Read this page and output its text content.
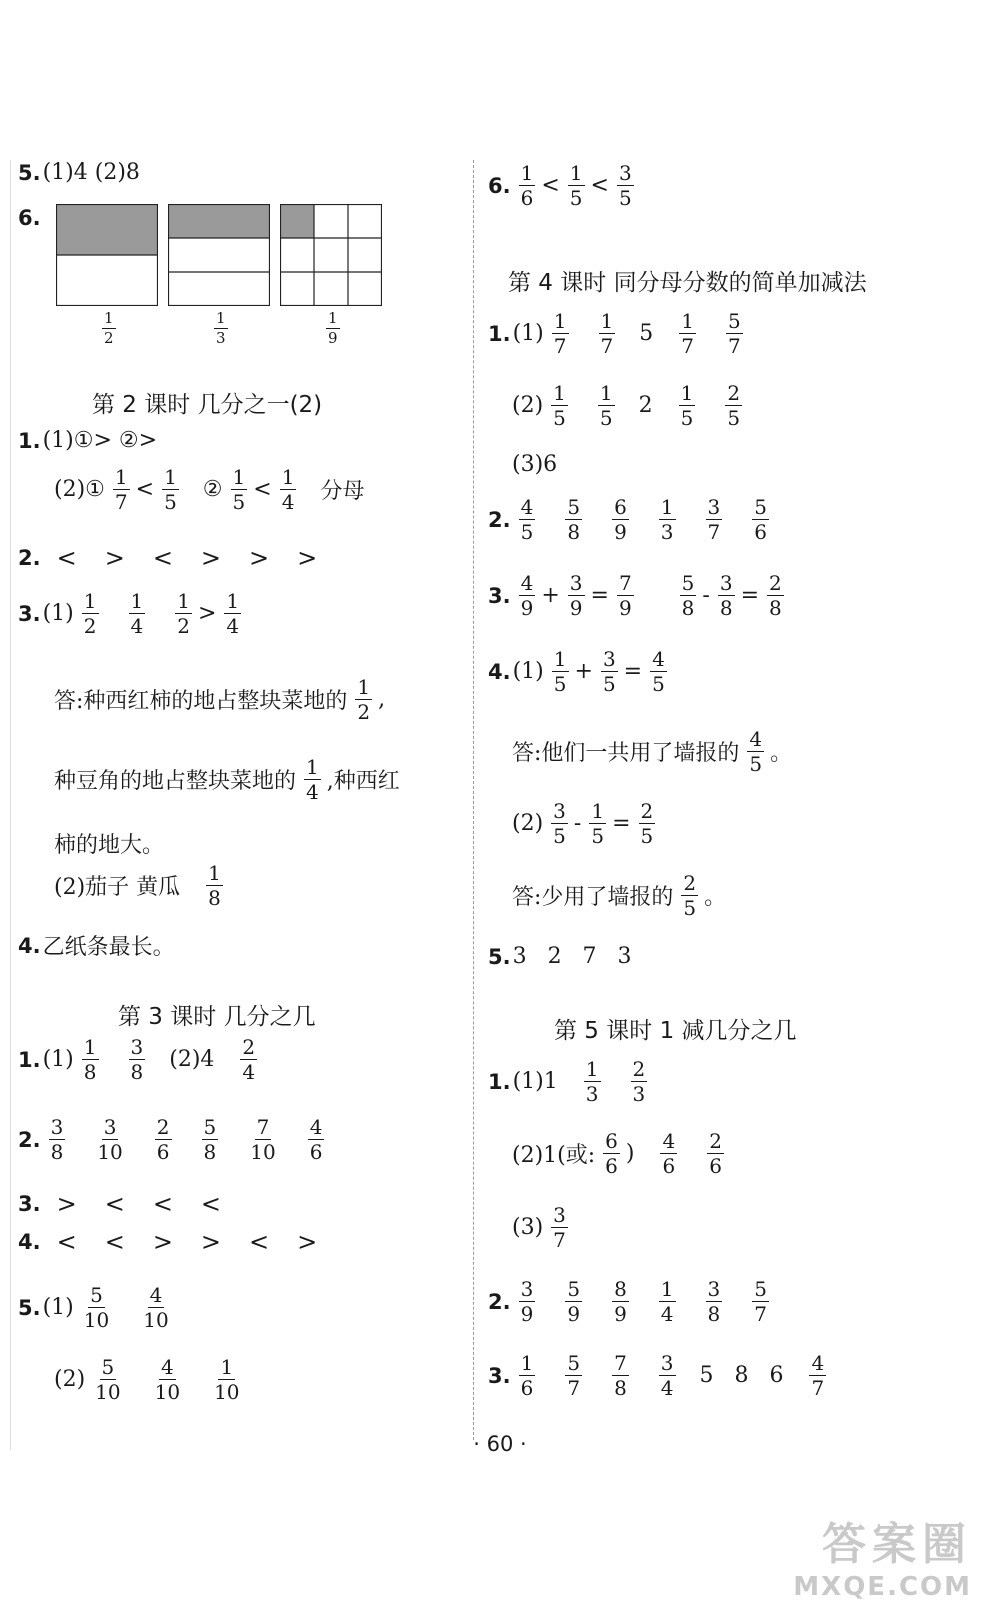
5. (1)4 (2)8
6.
$\frac{1}{2}$	$\frac{1}{3}$	$\frac{1}{9}$
第 2 课时 几分之一(2)
1. (1)①> ②>
(2)① $\frac{1}{7} < \frac{1}{5}$ ② $\frac{1}{5} < \frac{1}{4}$ 分母
2. < > < > > >
3. $(1) \frac{1}{2} \frac{1}{4} \frac{1}{2} > \frac{1}{4}$
答:种西红柿的地占整块菜地的 $\frac{1}{2}$ ,
种豆角的地占整块菜地的 $\frac{1}{4}$ ,种西红
柿的地大。
(2)茄子 黄瓜 $\frac{1}{8}$
4. 乙纸条最长。
第 3 课时 几分之几
1. $(1) \frac{1}{8} \frac{3}{8} (2)4 \frac{2}{4}$
2. $\frac{3}{8} \frac{3}{10} \frac{2}{6} \frac{5}{8} \frac{7}{10} \frac{4}{6}$
3. > < < <
4. < < > > < >
5. $(1) \frac{5}{10} \frac{4}{10}$
$(2) \frac{5}{10} \frac{4}{10} \frac{1}{10}$
6. $\frac{1}{6} < \frac{1}{5} < \frac{3}{5}$
第 4 课时 同分母分数的简单加减法
1. $(1) \frac{1}{7} \frac{1}{7} 5 \frac{1}{7} \frac{5}{7}$
$(2) \frac{1}{5} \frac{1}{5} 2 \frac{1}{5} \frac{2}{5}$
(3)6
2. $\frac{4}{5} \frac{5}{8} \frac{6}{9} \frac{1}{3} \frac{3}{7} \frac{5}{6}$
3. $\frac{4}{9} + \frac{3}{9} = \frac{7}{9} \frac{5}{8} - \frac{3}{8} = \frac{2}{8}$
4. $(1) \frac{1}{5} + \frac{3}{5} = \frac{4}{5}$
答:他们一共用了墙报的 $\frac{4}{5}$ 。
$(2) \frac{3}{5} - \frac{1}{5} = \frac{2}{5}$
答:少用了墙报的 $\frac{2}{5}$ 。
5. 3   2   7   3
第 5 课时 1 减几分之几
1. $(1)1 \frac{1}{3} \frac{2}{3}$
(2)1(或: $\frac{6}{6}$ ) $\frac{4}{6} \frac{2}{6}$
$(3) \frac{3}{7}$
2. $\frac{3}{9} \frac{5}{9} \frac{8}{9} \frac{1}{4} \frac{3}{8} \frac{5}{7}$
3. $\frac{1}{6} \frac{5}{7} \frac{7}{8} \frac{3}{4} 5$   8   $6 \frac{4}{7}$
· 60 ·
答案圈
MXQE.COM
